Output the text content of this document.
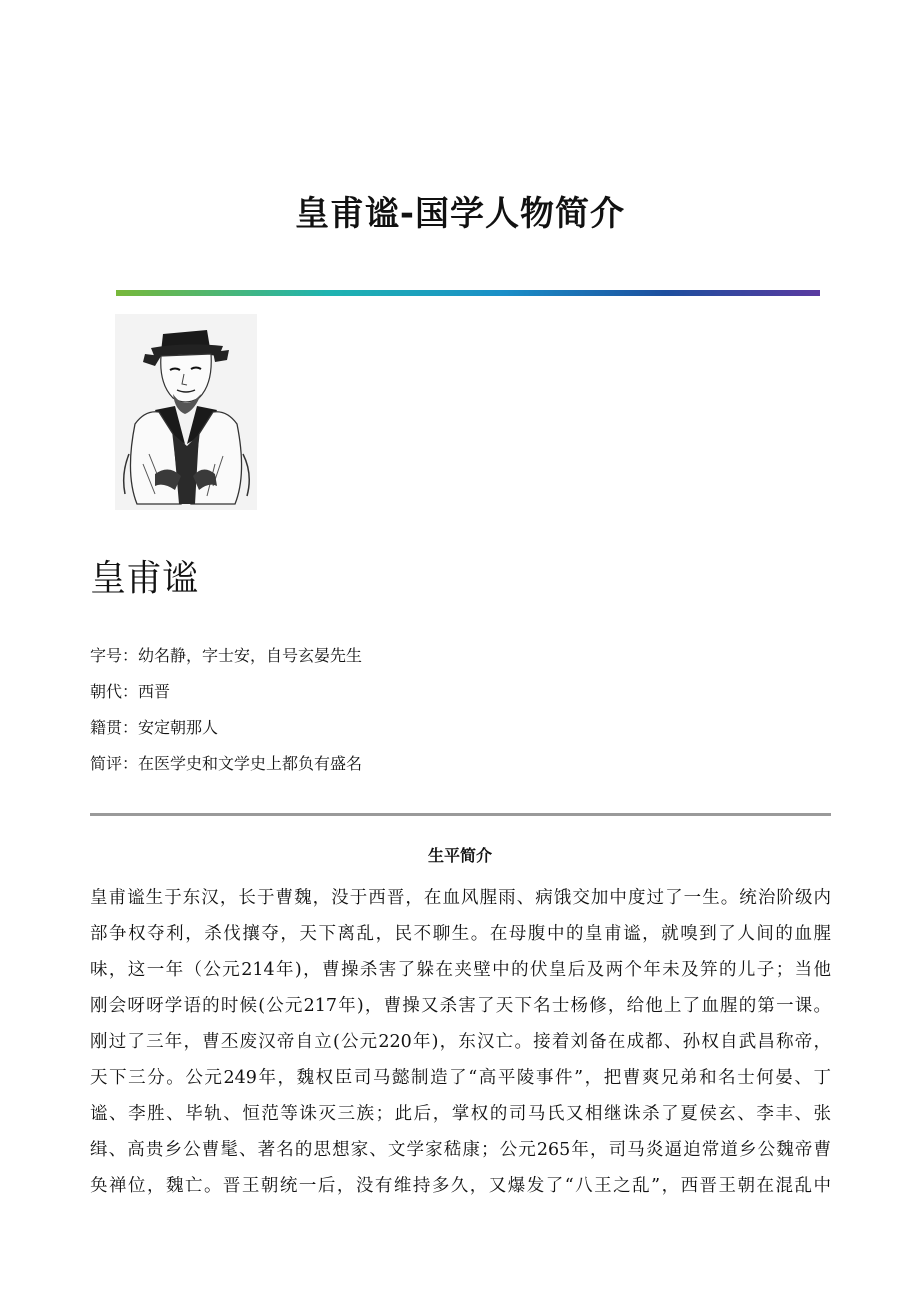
皇甫谧-国学人物简介
皇甫谧
字号：幼名静，字士安，自号玄晏先生
朝代：西晋
籍贯：安定朝那人
简评：在医学史和文学史上都负有盛名
生平简介
皇甫谧生于东汉，长于曹魏，没于西晋，在血风腥雨、病饿交加中度过了一生。统治阶级内
部争权夺利，杀伐攘夺，天下离乱，民不聊生。在母腹中的皇甫谧，就嗅到了人间的血腥
味，这一年（公元214年)，曹操杀害了躲在夹壁中的伏皇后及两个年未及笄的儿子；当他
刚会呀呀学语的时候(公元217年)，曹操又杀害了天下名士杨修，给他上了血腥的第一课。
刚过了三年，曹丕废汉帝自立(公元220年)，东汉亡。接着刘备在成都、孙权自武昌称帝，
天下三分。公元249年，魏权臣司马懿制造了“高平陵事件”，把曹爽兄弟和名士何晏、丁
谧、李胜、毕轨、恒范等诛灭三族；此后，掌权的司马氏又相继诛杀了夏侯玄、李丰、张
缉、高贵乡公曹髦、著名的思想家、文学家嵇康；公元265年，司马炎逼迫常道乡公魏帝曹
奂禅位，魏亡。晋王朝统一后，没有维持多久，又爆发了“八王之乱”，西晋王朝在混乱中
